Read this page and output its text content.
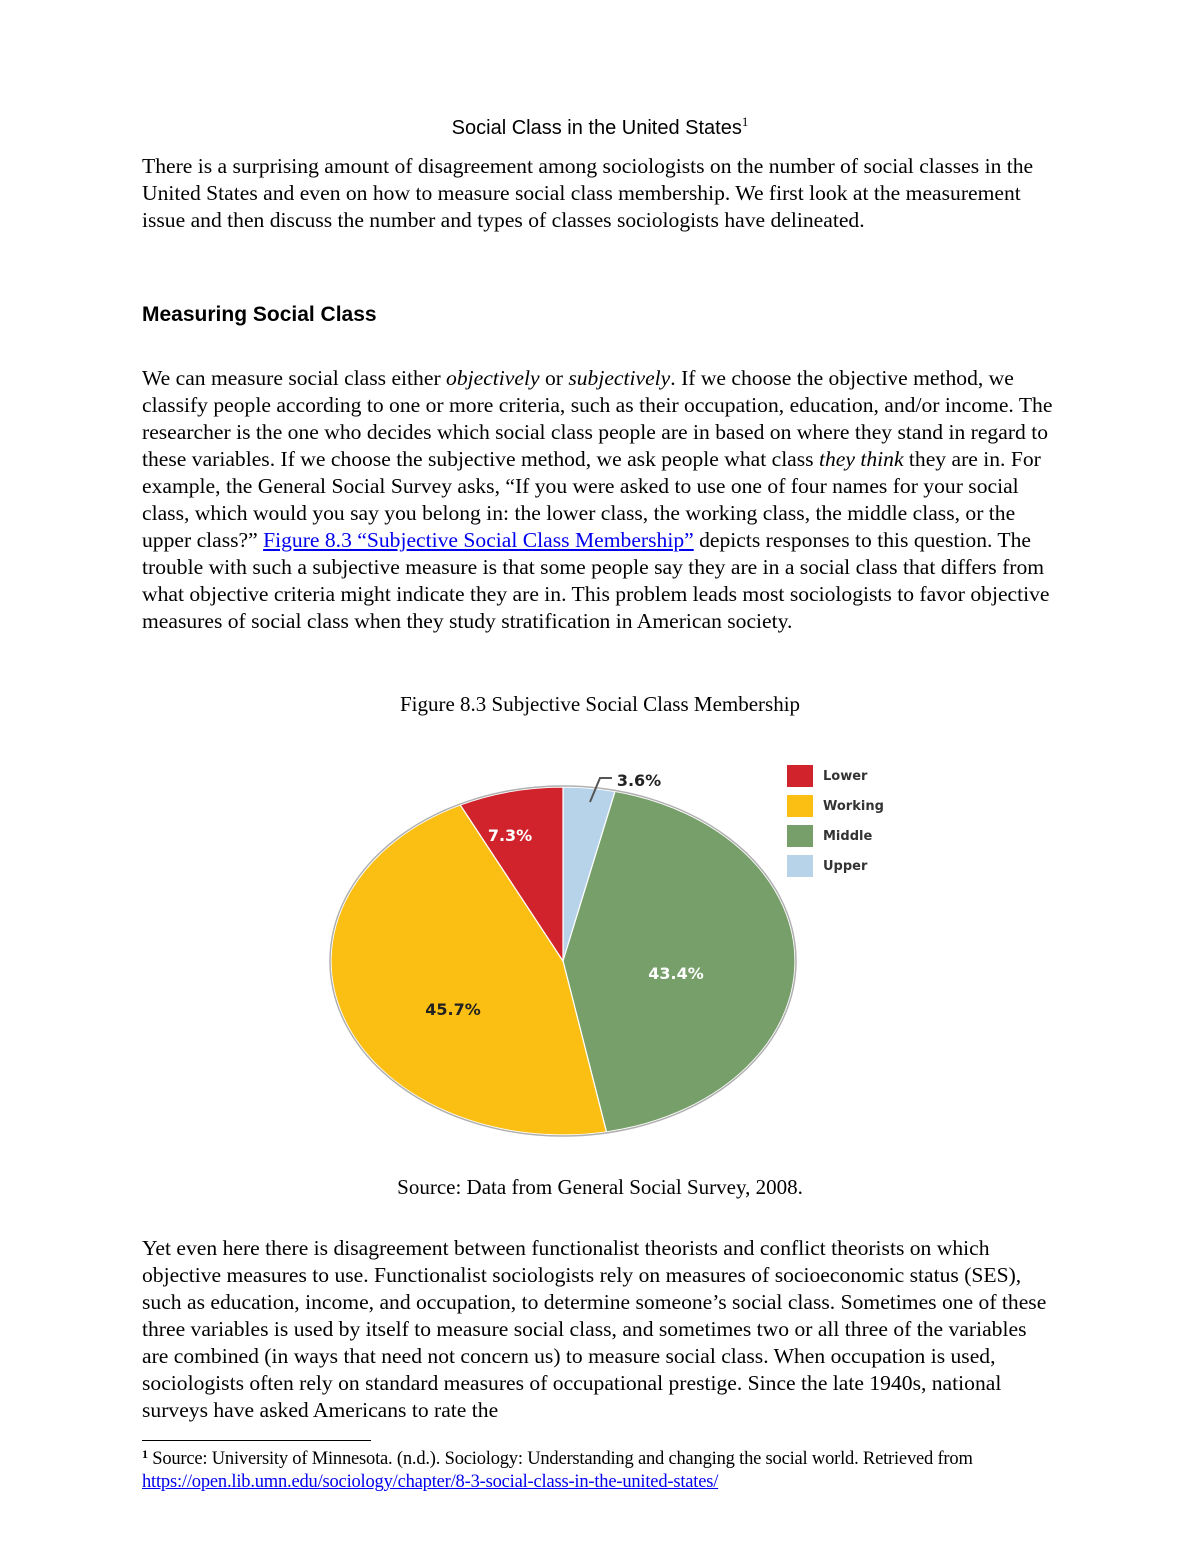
Social Class in the United States$^1$

There is a surprising amount of disagreement among sociologists on the number of social classes in the United States and even on how to measure social class membership. We first look at the measurement issue and then discuss the number and types of classes sociologists have delineated.

Measuring Social Class

We can measure social class either objectively or subjectively. If we choose the objective method, we classify people according to one or more criteria, such as their occupation, education, and/or income. The researcher is the one who decides which social class people are in based on where they stand in regard to these variables. If we choose the subjective method, we ask people what class they think they are in. For example, the General Social Survey asks, “If you were asked to use one of four names for your social class, which would you say you belong in: the lower class, the working class, the middle class, or the upper class?” Figure 8.3 “Subjective Social Class Membership” depicts responses to this question. The trouble with such a subjective measure is that some people say they are in a social class that differs from what objective criteria might indicate they are in. This problem leads most sociologists to favor objective measures of social class when they study stratification in American society.

Figure 8.3 Subjective Social Class Membership
Source: Data from General Social Survey, 2008.

Yet even here there is disagreement between functionalist theorists and conflict theorists on which objective measures to use. Functionalist sociologists rely on measures of socioeconomic status (SES), such as education, income, and occupation, to determine someone’s social class. Sometimes one of these three variables is used by itself to measure social class, and sometimes two or all three of the variables are combined (in ways that need not concern us) to measure social class. When occupation is used, sociologists often rely on standard measures of occupational prestige. Since the late 1940s, national surveys have asked Americans to rate the

3.6%
43.4%
45.7%
7.3%
Lower
Working
Middle
Upper
$^1$ Source: University of Minnesota. (n.d.). Sociology: Understanding and changing the social world. Retrieved from https://open.lib.umn.edu/sociology/chapter/8-3-social-class-in-the-united-states/
